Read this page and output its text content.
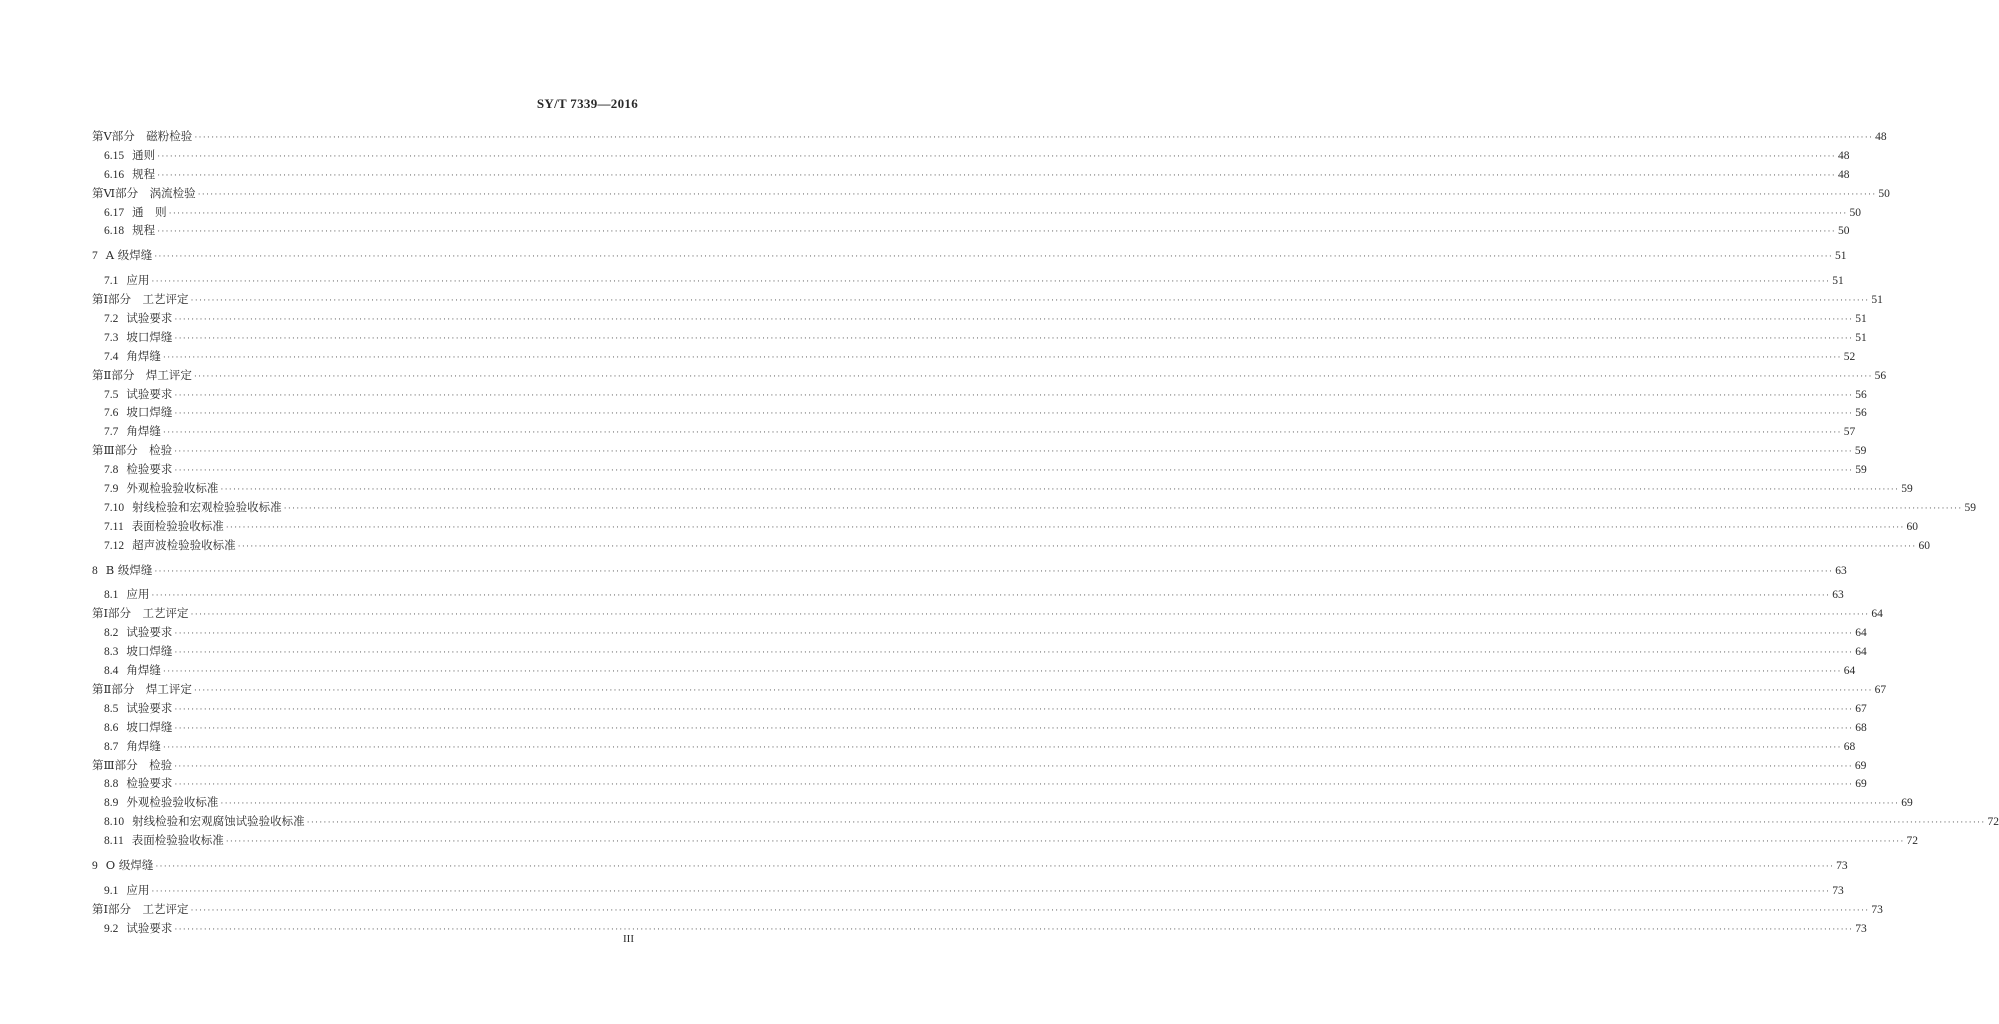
SY/T 7339—2016
第Ⅴ部分　磁粉检验 ················································································································································································································································································································································································································ 48
6.15 通则 ················································································································································································································································································································································································································ 48
6.16 规程 ················································································································································································································································································································································································································ 48
第Ⅵ部分　涡流检验 ················································································································································································································································································································································································································ 50
6.17 通　则 ················································································································································································································································································································································································································ 50
6.18 规程 ················································································································································································································································································································································································································ 50
7 A 级焊缝 ················································································································································································································································································································································································································ 51
7.1 应用 ················································································································································································································································································································································································································ 51
第Ⅰ部分　工艺评定 ················································································································································································································································································································································································································ 51
7.2 试验要求 ················································································································································································································································································································································································································ 51
7.3 坡口焊缝 ················································································································································································································································································································································································································ 51
7.4 角焊缝 ················································································································································································································································································································································································································ 52
第Ⅱ部分　焊工评定 ················································································································································································································································································································································································································ 56
7.5 试验要求 ················································································································································································································································································································································································································ 56
7.6 坡口焊缝 ················································································································································································································································································································································································································ 56
7.7 角焊缝 ················································································································································································································································································································································································································ 57
第Ⅲ部分　检验 ················································································································································································································································································································································································································ 59
7.8 检验要求 ················································································································································································································································································································································································································ 59
7.9 外观检验验收标准 ················································································································································································································································································································································································································ 59
7.10 射线检验和宏观检验验收标准 ················································································································································································································································································································································································································ 59
7.11 表面检验验收标准 ················································································································································································································································································································································································································ 60
7.12 超声波检验验收标准 ················································································································································································································································································································································································································ 60
8 B 级焊缝 ················································································································································································································································································································································································································ 63
8.1 应用 ················································································································································································································································································································································································································ 63
第Ⅰ部分　工艺评定 ················································································································································································································································································································································································································ 64
8.2 试验要求 ················································································································································································································································································································································································································ 64
8.3 坡口焊缝 ················································································································································································································································································································································································································ 64
8.4 角焊缝 ················································································································································································································································································································································································································ 64
第Ⅱ部分　焊工评定 ················································································································································································································································································································································································································ 67
8.5 试验要求 ················································································································································································································································································································································································································ 67
8.6 坡口焊缝 ················································································································································································································································································································································································································ 68
8.7 角焊缝 ················································································································································································································································································································································································································ 68
第Ⅲ部分　检验 ················································································································································································································································································································································································································ 69
8.8 检验要求 ················································································································································································································································································································································································································ 69
8.9 外观检验验收标准 ················································································································································································································································································································································································································ 69
8.10 射线检验和宏观腐蚀试验验收标准 ················································································································································································································································································································································································································ 72
8.11 表面检验验收标准 ················································································································································································································································································································································································································ 72
9 O 级焊缝 ················································································································································································································································································································································································································ 73
9.1 应用 ················································································································································································································································································································································································································ 73
第Ⅰ部分　工艺评定 ················································································································································································································································································································································································································ 73
9.2 试验要求 ················································································································································································································································································································································································································ 73
III
